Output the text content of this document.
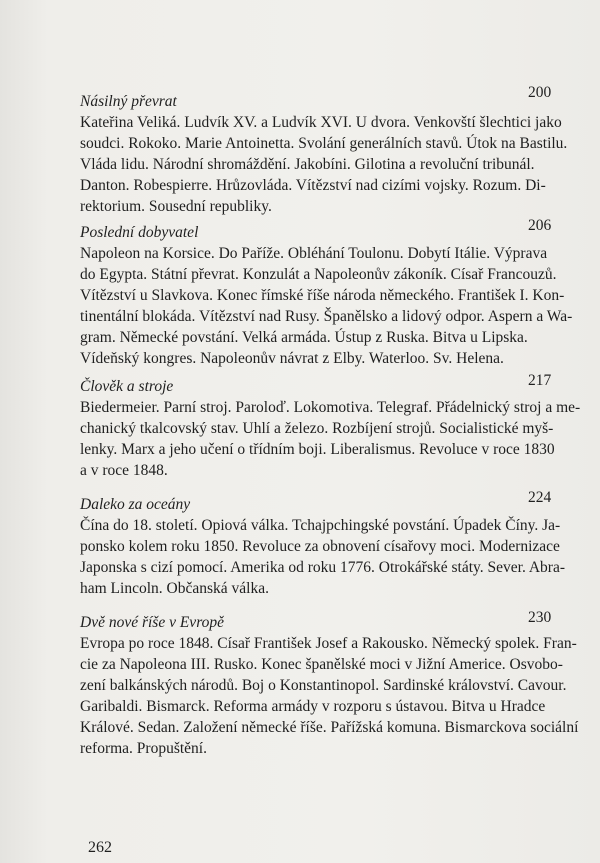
Násilný převrat

Kateřina Veliká. Ludvík XV. a Ludvík XVI. U dvora. Venkovští šlechtici jako

soudci. Rokoko. Marie Antoinetta. Svolání generálních stavů. Útok na Bastilu.

Vláda lidu. Národní shromáždění. Jakobíni. Gilotina a revoluční tribunál.

Danton. Robespierre. Hrůzovláda. Vítězství nad cizími vojsky. Rozum. Di-

rektorium. Sousední republiky.

200

Poslední dobyvatel

Napoleon na Korsice. Do Paříže. Obléhání Toulonu. Dobytí Itálie. Výprava

do Egypta. Státní převrat. Konzulát a Napoleonův zákoník. Císař Francouzů.

Vítězství u Slavkova. Konec římské říše národa německého. František I. Kon-

tinentální blokáda. Vítězství nad Rusy. Španělsko a lidový odpor. Aspern a Wa-

gram. Německé povstání. Velká armáda. Ústup z Ruska. Bitva u Lipska.

Vídeňský kongres. Napoleonův návrat z Elby. Waterloo. Sv. Helena.

206

Člověk a stroje

Biedermeier. Parní stroj. Paroloď. Lokomotiva. Telegraf. Přádelnický stroj a me-

chanický tkalcovský stav. Uhlí a železo. Rozbíjení strojů. Socialistické myš-

lenky. Marx a jeho učení o třídním boji. Liberalismus. Revoluce v roce 1830

a v roce 1848.

217

Daleko za oceány

Čína do 18. století. Opiová válka. Tchajpchingské povstání. Úpadek Číny. Ja-

ponsko kolem roku 1850. Revoluce za obnovení císařovy moci. Modernizace

Japonska s cizí pomocí. Amerika od roku 1776. Otrokářské státy. Sever. Abra-

ham Lincoln. Občanská válka.

224

Dvě nové říše v Evropě

Evropa po roce 1848. Císař František Josef a Rakousko. Německý spolek. Fran-

cie za Napoleona III. Rusko. Konec španělské moci v Jižní Americe. Osvobo-

zení balkánských národů. Boj o Konstantinopol. Sardinské království. Cavour.

Garibaldi. Bismarck. Reforma armády v rozporu s ústavou. Bitva u Hradce

Králové. Sedan. Založení německé říše. Pařížská komuna. Bismarckova sociální

reforma. Propuštění.

230
262
